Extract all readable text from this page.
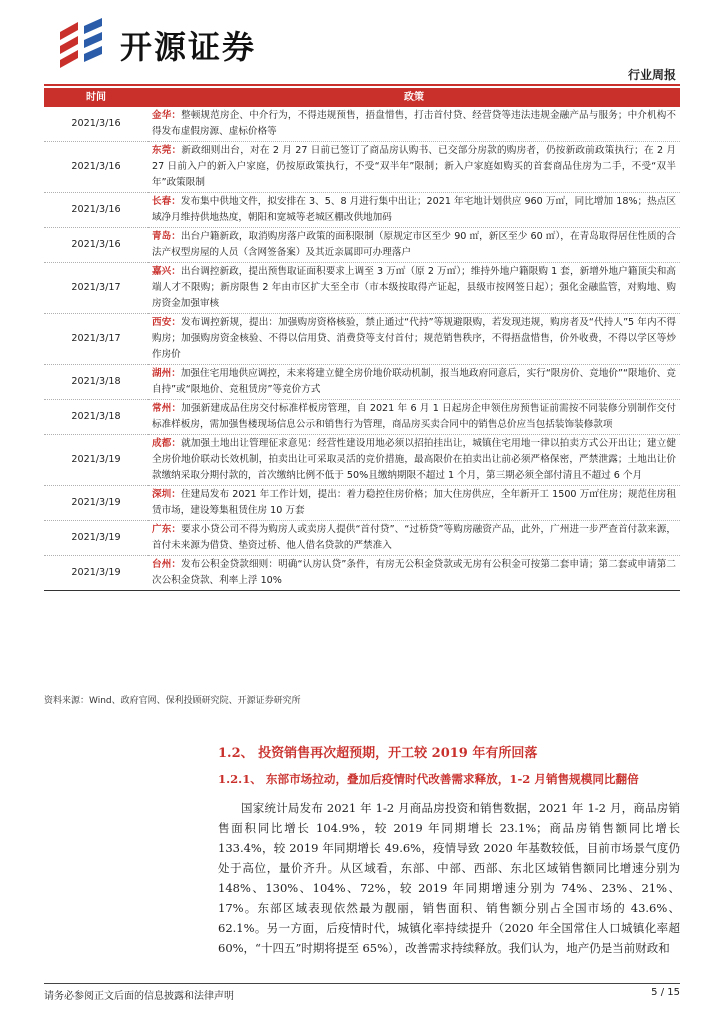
开源证券
行业周报
时间	政策
2021/3/16	金华：整顿规范房企、中介行为，不得违规预售，捂盘惜售，打击首付贷、经营贷等违法违规金融产品与服务；中介机构不得发布虚假房源、虚标价格等
2021/3/16	东莞：新政细则出台，对在 2 月 27 日前已签订了商品房认购书、已交部分房款的购房者，仍按新政前政策执行；在 2 月 27 日前入户的新入户家庭，仍按原政策执行，不受“双半年”限制；新入户家庭如购买的首套商品住房为二手，不受“双半年”政策限制
2021/3/16	长春：发布集中供地文件，拟安排在 3、5、8 月进行集中出让；2021 年宅地计划供应 960 万㎡，同比增加 18%；热点区域净月维持供地热度，朝阳和宽城等老城区棚改供地加码
2021/3/16	青岛：出台户籍新政，取消购房落户政策的面积限制（原规定市区至少 90 ㎡，新区至少 60 ㎡），在青岛取得居住性质的合法产权型房屋的人员（含网签备案）及其近亲属即可办理落户
2021/3/17	嘉兴：出台调控新政，提出预售取证面积要求上调至 3 万㎡（原 2 万㎡）；维持外地户籍限购 1 套，新增外地户籍顶尖和高端人才不限购；新房限售 2 年由市区扩大至全市（市本级按取得产证起，县级市按网签日起）；强化金融监管，对购地、购房资金加强审核
2021/3/17	西安：发布调控新规，提出：加强购房资格核验，禁止通过“代持”等规避限购，若发现违规，购房者及“代持人”5 年内不得购房；加强购房资金核验、不得以信用贷、消费贷等支付首付；规范销售秩序，不得捂盘惜售，价外收费，不得以学区等炒作房价
2021/3/18	湖州：加强住宅用地供应调控，未来将建立健全房价地价联动机制，报当地政府同意后，实行“限房价、竞地价”“限地价、竞自持”或“限地价、竞租赁房”等竞价方式
2021/3/18	常州：加强新建成品住房交付标准样板房管理，自 2021 年 6 月 1 日起房企申领住房预售证前需按不同装修分别制作交付标准样板房，需加强售楼现场信息公示和销售行为管理，商品房买卖合同中的销售总价应当包括装饰装修款项
2021/3/19	成都：就加强土地出让管理征求意见：经营性建设用地必须以招拍挂出让，城镇住宅用地一律以拍卖方式公开出让；建立健全房价地价联动长效机制，拍卖出让可采取灵活的竞价措施，最高限价在拍卖出让前必须严格保密，严禁泄露；土地出让价款缴纳采取分期付款的，首次缴纳比例不低于 50%且缴纳期限不超过 1 个月，第三期必须全部付清且不超过 6 个月
2021/3/19	深圳：住建局发布 2021 年工作计划，提出：着力稳控住房价格；加大住房供应，全年新开工 1500 万㎡住房；规范住房租赁市场，建设筹集租赁住房 10 万套
2021/3/19	广东：要求小贷公司不得为购房人或卖房人提供“首付贷”、“过桥贷”等购房融资产品，此外，广州进一步严查首付款来源，首付未来源为借贷、垫资过桥、他人借名贷款的严禁准入
2021/3/19	台州：发布公积金贷款细则：明确“认房认贷”条件，有房无公积金贷款或无房有公积金可按第二套申请；第二套或申请第二次公积金贷款、利率上浮 10%
资料来源：Wind、政府官网、保利投顾研究院、开源证券研究所
1.2、 投资销售再次超预期，开工较 2019 年有所回落
1.2.1、 东部市场拉动，叠加后疫情时代改善需求释放，1-2 月销售规模同比翻倍

国家统计局发布 2021 年 1-2 月商品房投资和销售数据，2021 年 1-2 月，商品房销售面积同比增长 104.9%，较 2019 年同期增长 23.1%；商品房销售额同比增长 133.4%，较 2019 年同期增长 49.6%，疫情导致 2020 年基数较低，目前市场景气度仍处于高位，量价齐升。从区域看，东部、中部、西部、东北区域销售额同比增速分别为 148%、130%、104%、72%，较 2019 年同期增速分别为 74%、23%、21%、17%。东部区域表现依然最为靓丽，销售面积、销售额分别占全国市场的 43.6%、62.1%。另一方面，后疫情时代，城镇化率持续提升（2020 年全国常住人口城镇化率超 60%，“十四五”时期将提至 65%），改善需求持续释放。我们认为，地产仍是当前财政和

请务必参阅正文后面的信息披露和法律声明	5 / 15
